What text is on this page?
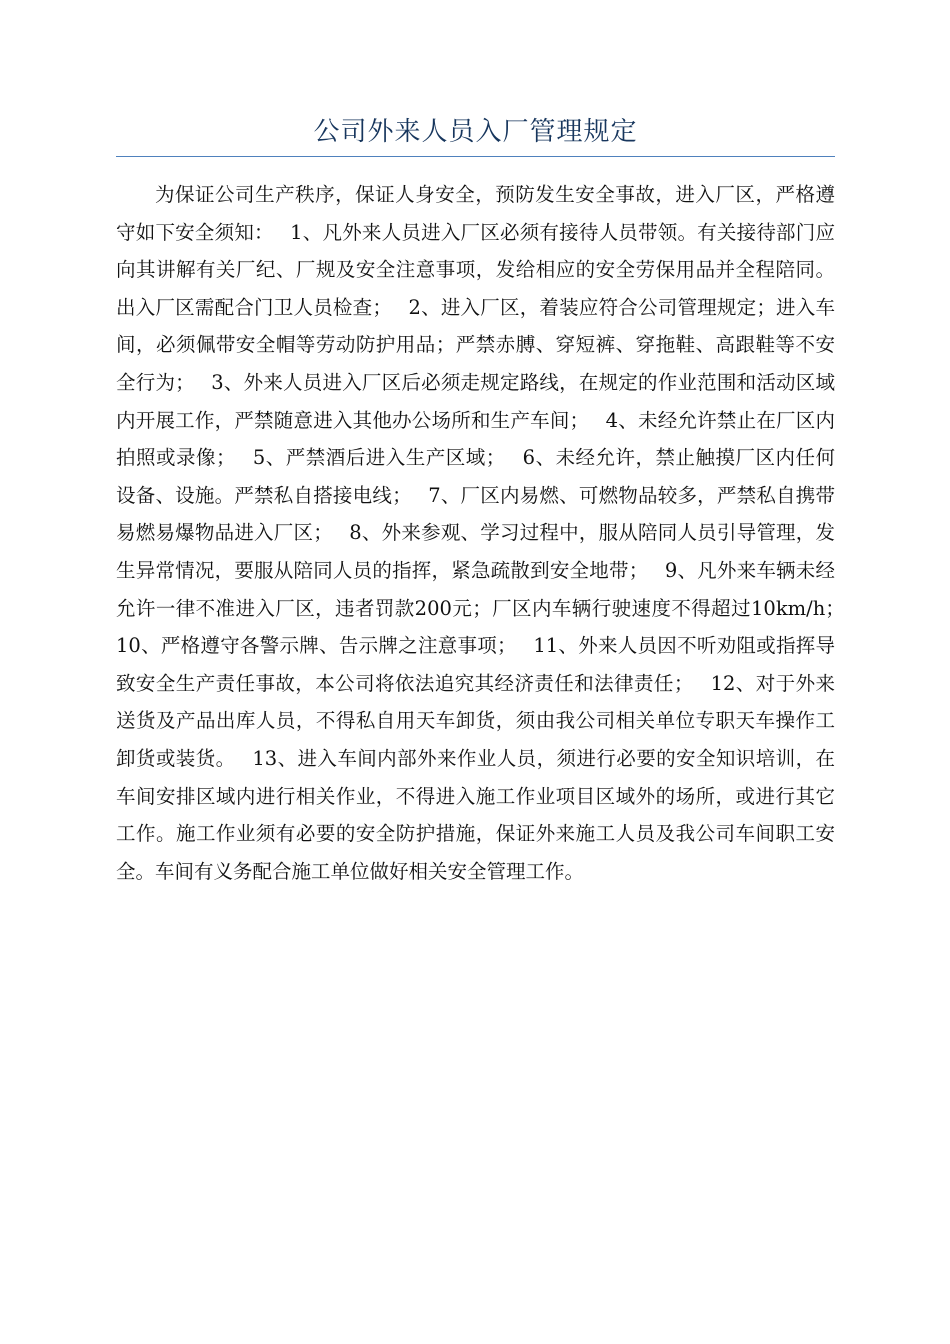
公司外来人员入厂管理规定

为保证公司生产秩序，保证人身安全，预防发生安全事故，进入厂区，严格遵守如下安全须知：　 1、凡外来人员进入厂区必须有接待人员带领。有关接待部门应向其讲解有关厂纪、厂规及安全注意事项，发给相应的安全劳保用品并全程陪同。出入厂区需配合门卫人员检查；　 2、进入厂区，着装应符合公司管理规定；进入车间，必须佩带安全帽等劳动防护用品；严禁赤膊、穿短裤、穿拖鞋、高跟鞋等不安全行为；　 3、外来人员进入厂区后必须走规定路线，在规定的作业范围和活动区域内开展工作，严禁随意进入其他办公场所和生产车间；　 4、未经允许禁止在厂区内拍照或录像；　 5、严禁酒后进入生产区域；　 6、未经允许，禁止触摸厂区内任何设备、设施。严禁私自搭接电线；　 7、厂区内易燃、可燃物品较多，严禁私自携带易燃易爆物品进入厂区；　 8、外来参观、学习过程中，服从陪同人员引导管理，发生异常情况，要服从陪同人员的指挥，紧急疏散到安全地带；　 9、凡外来车辆未经允许一律不准进入厂区，违者罚款200元；厂区内车辆行驶速度不得超过10km/h；　 10、严格遵守各警示牌、告示牌之注意事项；　 11、外来人员因不听劝阻或指挥导致安全生产责任事故，本公司将依法追究其经济责任和法律责任；　 12、对于外来送货及产品出库人员，不得私自用天车卸货，须由我公司相关单位专职天车操作工卸货或装货。　 13、进入车间内部外来作业人员，须进行必要的安全知识培训，在车间安排区域内进行相关作业，不得进入施工作业项目区域外的场所，或进行其它工作。施工作业须有必要的安全防护措施，保证外来施工人员及我公司车间职工安全。车间有义务配合施工单位做好相关安全管理工作。
